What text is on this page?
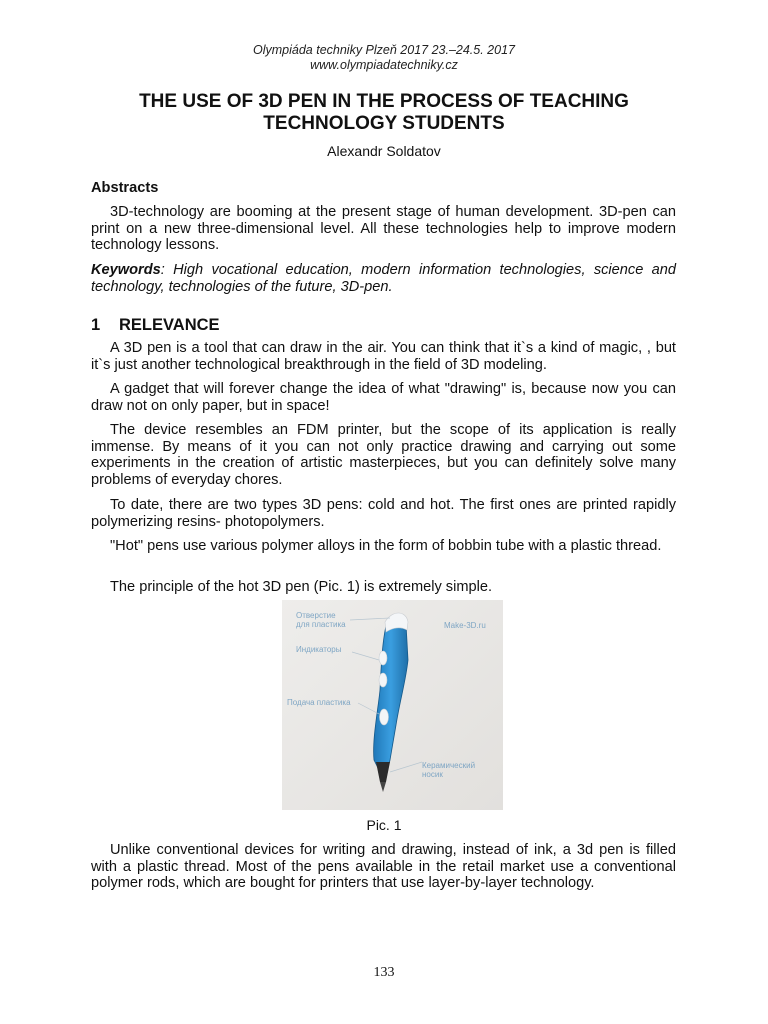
Olympiáda techniky Plzeň 2017 23.–24.5. 2017
www.olympiadatechniky.cz
THE USE OF 3D PEN IN THE PROCESS OF TEACHING
TECHNOLOGY STUDENTS
Alexandr Soldatov
Abstracts
3D-technology are booming at the present stage of human development. 3D-pen can print on a new three-dimensional level. All these technologies help to improve modern technology lessons.
Keywords: High vocational education, modern information technologies, science and technology, technologies of the future, 3D-pen.
1 RELEVANCE
A 3D pen is a tool that can draw in the air. You can think that it`s a kind of magic, , but it`s just another technological breakthrough in the field of 3D modeling.
A gadget that will forever change the idea of what "drawing" is, because now you can draw not on only paper, but in space!
The device resembles an FDM printer, but the scope of its application is really immense. By means of it you can not only practice drawing and carrying out some experiments in the creation of artistic masterpieces, but you can definitely solve many problems of everyday chores.
To date, there are two types 3D pens: cold and hot. The first ones are printed rapidly polymerizing resins- photopolymers.
"Hot" pens use various polymer alloys in the form of bobbin tube with a plastic thread.
The principle of the hot 3D pen (Pic. 1) is extremely simple.
Отверстие
для пластика
Индикаторы
Подача пластика
Керамический
носик
Make-3D.ru
Pic. 1
Unlike conventional devices for writing and drawing, instead of ink, a 3d pen is filled with a plastic thread. Most of the pens available in the retail market use a conventional polymer rods, which are bought for printers that use layer-by-layer technology.
133
